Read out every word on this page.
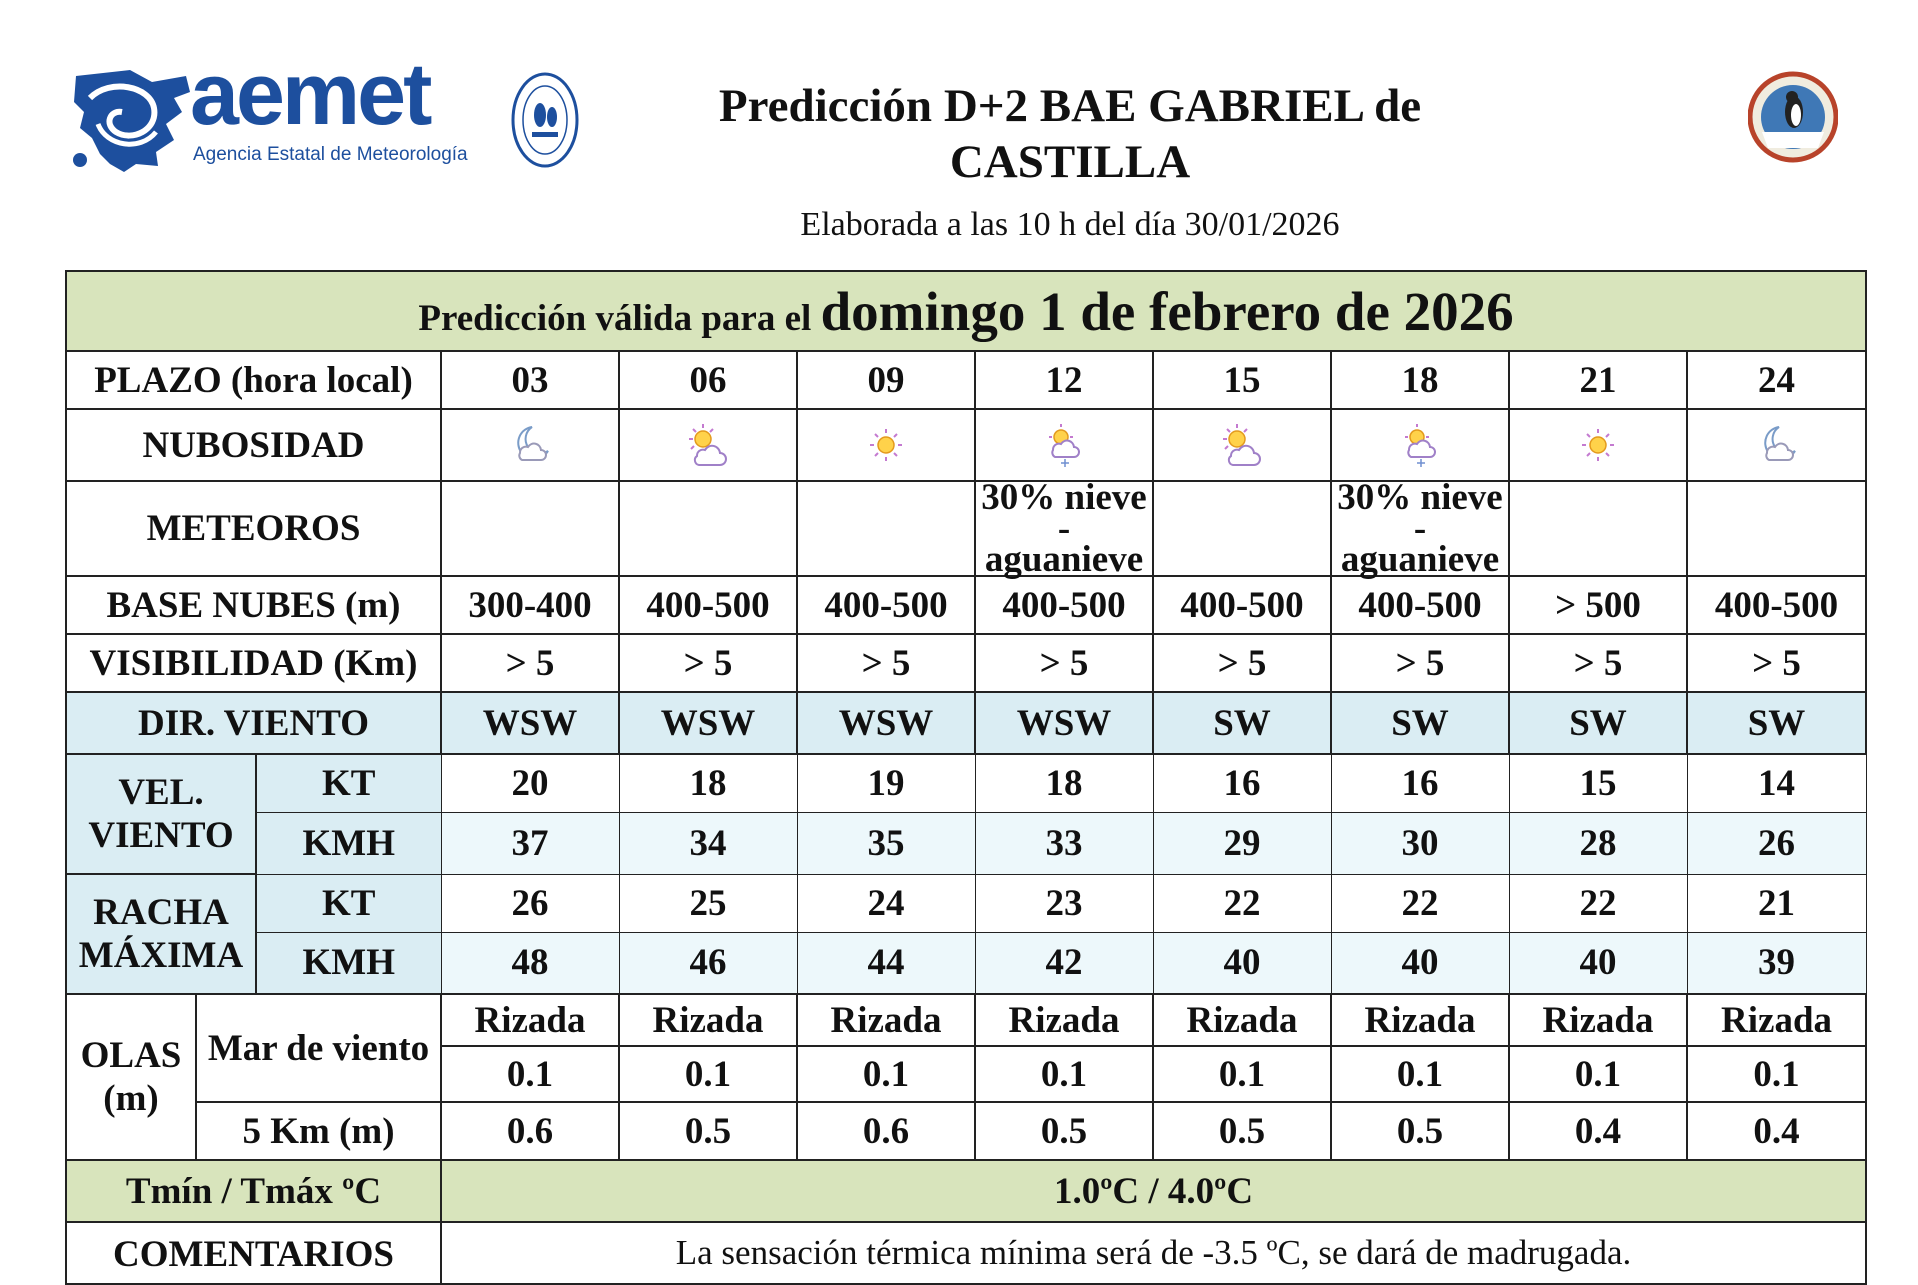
aemet
Agencia Estatal de Meteorología
Predicción D+2 BAE GABRIEL de
CASTILLA
Elaborada a las 10 h del día 30/01/2026
Predicción válida para el domingo 1 de febrero de 2026										
PLAZO (hora local)			03	06	09	12	15	18	21	24
NUBOSIDAD	

METEOROS						30% nieve - aguanieve		30% nieve - aguanieve		
BASE NUBES (m)			300-400	400-500	400-500	400-500	400-500	400-500	> 500	400-500
VISIBILIDAD (Km)			> 5	> 5	> 5	> 5	> 5	> 5	> 5	> 5
DIR. VIENTO			WSW	WSW	WSW	WSW	SW	SW	SW	SW

VEL.
VIENTO		KT	20	18	19	18	16	16	15	14
		KMH	37	34	35	33	29	30	28	26

RACHA
MÁXIMA		KT	26	25	24	23	22	22	22	21
		KMH	48	46	44	42	40	40	40	39

OLAS
(m)	Mar de viento		Rizada	Rizada	Rizada	Rizada	Rizada	Rizada	Rizada	Rizada
			0.1	0.1	0.1	0.1	0.1	0.1	0.1	0.1
	5 Km (m)		0.6	0.5	0.6	0.5	0.5	0.5	0.4	0.4
Tmín / Tmáx ºC			1.0ºC / 4.0ºC							
COMENTARIOS			La sensación térmica mínima será de -3.5 ºC, se dará de madrugada.							
